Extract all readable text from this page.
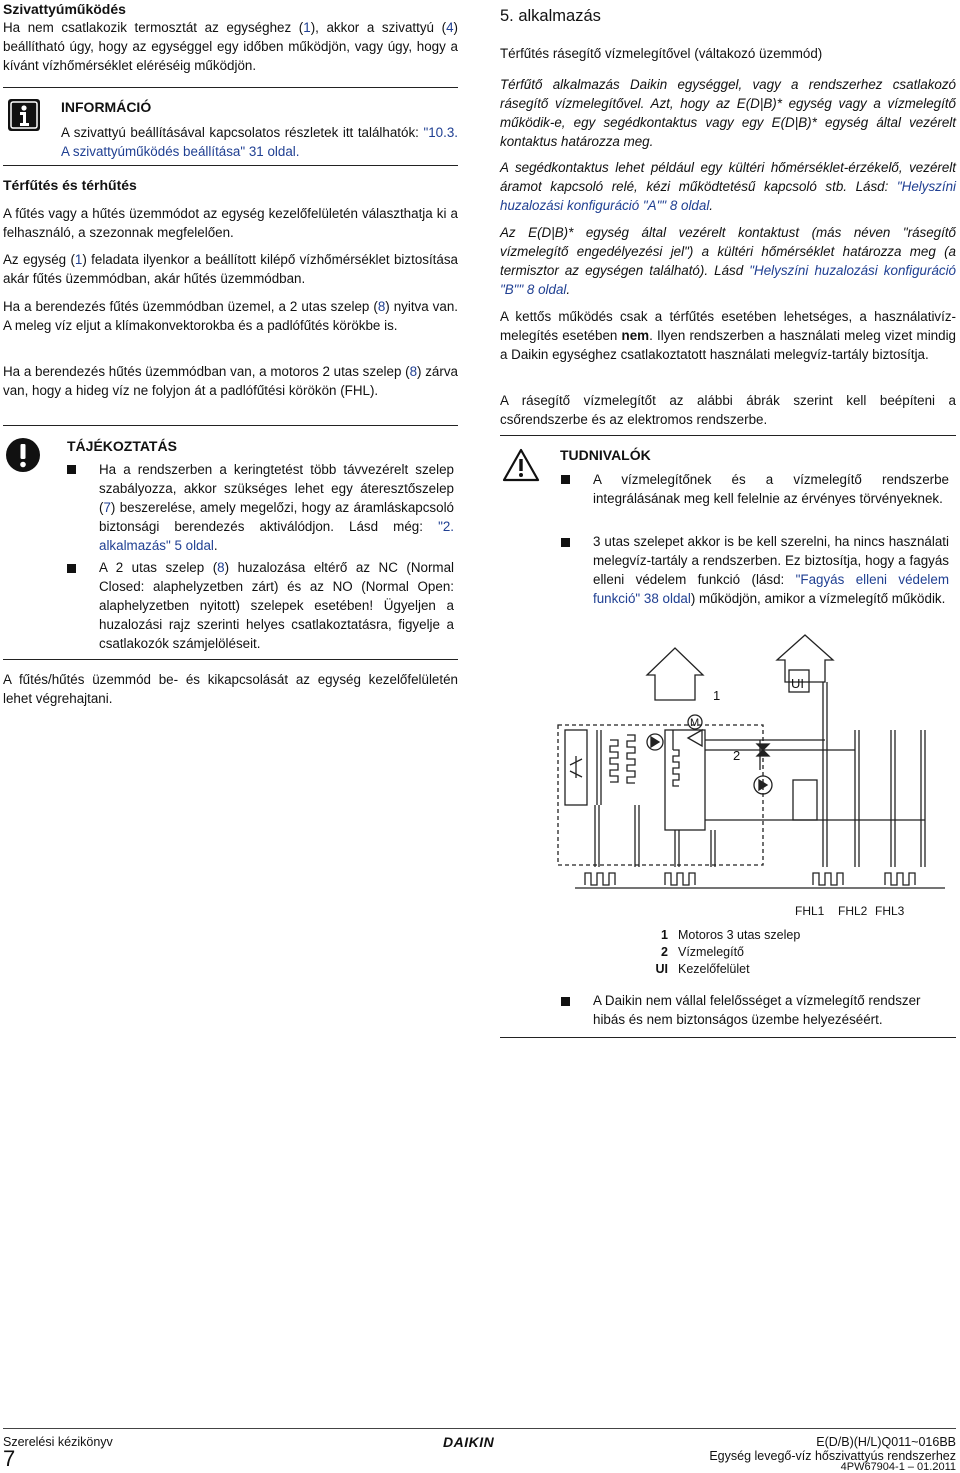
Szivattyúműködés
Ha nem csatlakozik termosztát az egységhez (1), akkor a szivattyú (4) beállítható úgy, hogy az egységgel egy időben működjön, vagy úgy, hogy a kívánt vízhőmérséklet eléréséig működjön.
INFORMÁCIÓ
A szivattyú beállításával kapcsolatos részletek itt találhatók: "10.3. A szivattyúműködés beállítása" 31 oldal.
Térfűtés és térhűtés
A fűtés vagy a hűtés üzemmódot az egység kezelőfelületén választhatja ki a felhasználó, a szezonnak megfelelően.
Az egység (1) feladata ilyenkor a beállított kilépő vízhőmérséklet biztosítása akár fűtés üzemmódban, akár hűtés üzemmódban.
Ha a berendezés fűtés üzemmódban üzemel, a 2 utas szelep (8) nyitva van. A meleg víz eljut a klímakonvektorokba és a padlófűtés körökbe is.
Ha a berendezés hűtés üzemmódban van, a motoros 2 utas szelep (8) zárva van, hogy a hideg víz ne folyjon át a padlófűtési körökön (FHL).
TÁJÉKOZTATÁS
Ha a rendszerben a keringtetést több távvezérelt szelep szabályozza, akkor szükséges lehet egy áteresztőszelep (7) beszerelése, amely megelőzi, hogy az áramláskapcsoló biztonsági berendezés aktiválódjon. Lásd még: "2. alkalmazás" 5 oldal.
A 2 utas szelep (8) huzalozása eltérő az NC (Normal Closed: alaphelyzetben zárt) és az NO (Normal Open: alaphelyzetben nyitott) szelepek esetében! Ügyeljen a huzalozási rajz szerinti helyes csatlakoztatásra, figyelje a csatlakozók számjelöléseit.
A fűtés/hűtés üzemmód be- és kikapcsolását az egység kezelőfelületén lehet végrehajtani.
5. alkalmazás
Térfűtés rásegítő vízmelegítővel (váltakozó üzemmód)
Térfűtő alkalmazás Daikin egységgel, vagy a rendszerhez csatlakozó rásegítő vízmelegítővel. Azt, hogy az E(D|B)* egység vagy a vízmelegítő működik-e, egy segédkontaktus vagy egy E(D|B)* egység által vezérelt kontaktus határozza meg.
A segédkontaktus lehet például egy kültéri hőmérséklet-érzékelő, vezérelt áramot kapcsoló relé, kézi működtetésű kapcsoló stb. Lásd: "Helyszíni huzalozási konfiguráció "A"" 8 oldal.
Az E(D|B)* egység által vezérelt kontaktust (más néven "rásegítő vízmelegítő engedélyezési jel") a kültéri hőmérséklet határozza meg (a termisztor az egységen található). Lásd "Helyszíni huzalozási konfiguráció "B"" 8 oldal.
A kettős működés csak a térfűtés esetében lehetséges, a használativíz-melegítés esetében nem. Ilyen rendszerben a használati meleg vizet mindig a Daikin egységhez csatlakoztatott használati melegvíz-tartály biztosítja.
A rásegítő vízmelegítőt az alábbi ábrák szerint kell beépíteni a csőrendszerbe és az elektromos rendszerbe.
TUDNIVALÓK
A vízmelegítőnek és a vízmelegítő rendszerbe integrálásának meg kell felelnie az érvényes törvényeknek.
3 utas szelepet akkor is be kell szerelni, ha nincs használati melegvíz-tartály a rendszerben. Ez biztosítja, hogy a fagyás elleni védelem funkció (lásd: "Fagyás elleni védelem funkció" 38 oldal) működjön, amikor a vízmelegítő működik.
1
UI
M
2
FHL1 FHL2 FHL3
1 Motoros 3 utas szelep
2 Vízmelegítő
UI Kezelőfelület
A Daikin nem vállal felelősséget a vízmelegítő rendszer hibás és nem biztonságos üzembe helyezéséért.
Szerelési kézikönyv
7
DAIKIN	E(D/B)(H/L)Q011~016BB
Egység levegő-víz hőszivattyús rendszerhez
4PW67904-1 – 01.2011
